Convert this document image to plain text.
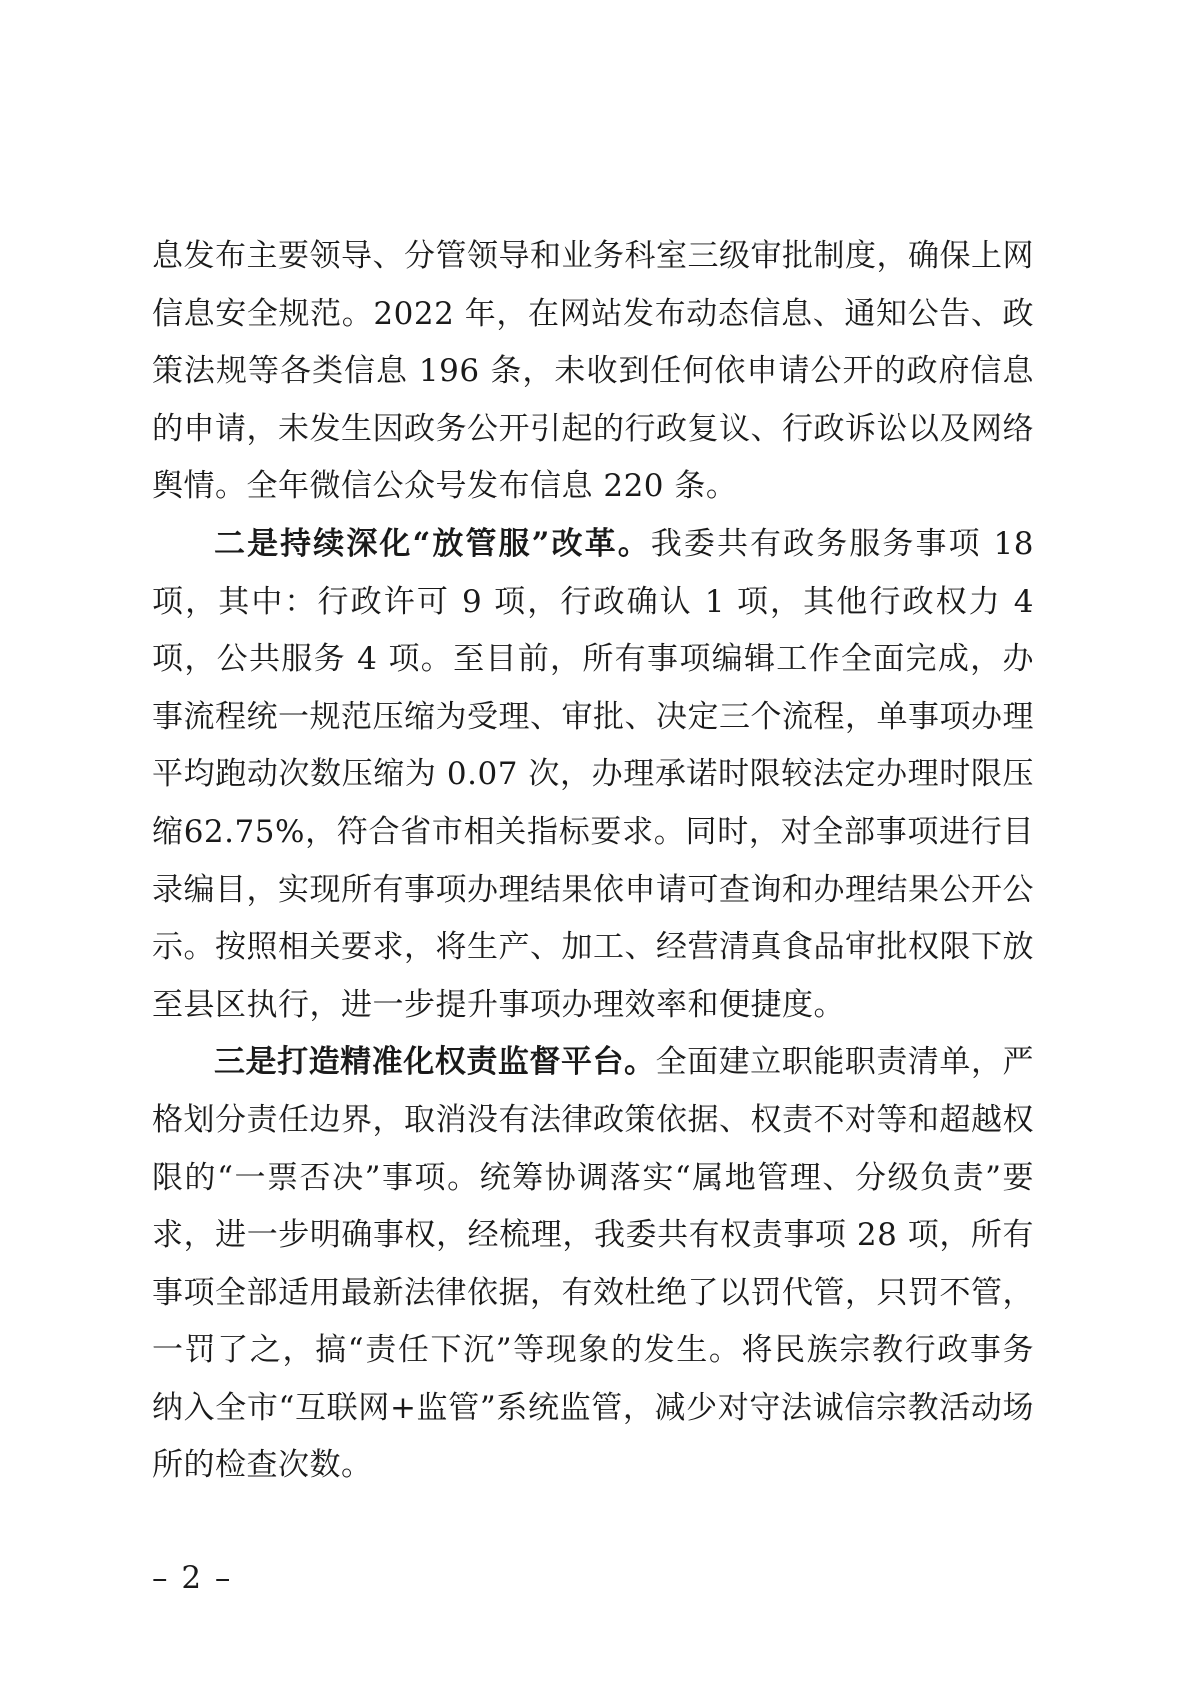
息发布主要领导、分管领导和业务科室三级审批制度，确保上网信息安全规范。2022 年，在网站发布动态信息、通知公告、政策法规等各类信息 196 条，未收到任何依申请公开的政府信息的申请，未发生因政务公开引起的行政复议、行政诉讼以及网络舆情。全年微信公众号发布信息 220 条。

二是持续深化“放管服”改革。我委共有政务服务事项 18 项，其中：行政许可 9 项，行政确认 1 项，其他行政权力 4 项，公共服务 4 项。至目前，所有事项编辑工作全面完成，办事流程统一规范压缩为受理、审批、决定三个流程，单事项办理平均跑动次数压缩为 0.07 次，办理承诺时限较法定办理时限压缩62.75%，符合省市相关指标要求。同时，对全部事项进行目录编目，实现所有事项办理结果依申请可查询和办理结果公开公示。按照相关要求，将生产、加工、经营清真食品审批权限下放至县区执行，进一步提升事项办理效率和便捷度。

三是打造精准化权责监督平台。全面建立职能职责清单，严格划分责任边界，取消没有法律政策依据、权责不对等和超越权限的“一票否决”事项。统筹协调落实“属地管理、分级负责”要求，进一步明确事权，经梳理，我委共有权责事项 28 项，所有事项全部适用最新法律依据，有效杜绝了以罚代管，只罚不管，一罚了之，搞“责任下沉”等现象的发生。将民族宗教行政事务纳入全市“互联网+监管”系统监管，减少对守法诚信宗教活动场所的检查次数。

– 2 –
